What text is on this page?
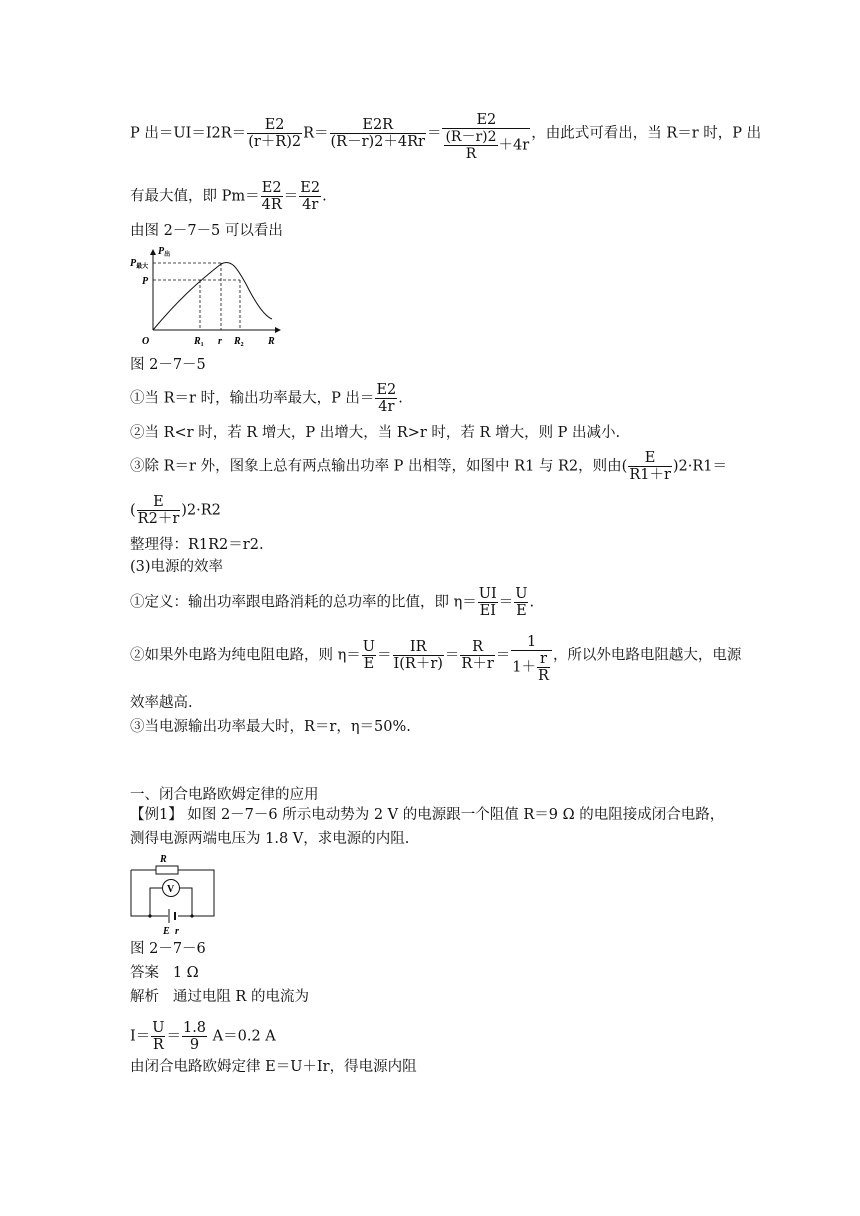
P 出$=UI=I2R= \frac{E2}{(r+R)2} R= \frac{E2R}{(R-r)2+4Rr} = \frac{E2}{\frac{(R-r)2}{R} +4r}$ ，由此式可看出，当 R＝r 时，P 出
有最大值，即 $Pm= \frac{E2}{4R} = \frac{E2}{4r}$ .
由图 2－7－5 可以看出
$P_出$
$P_{最大}$
P
O	$R_1$ r $R_2$ R
图 2－7－5
①当 R＝r 时，输出功率最大，P 出＝ $\frac{E2}{4r}$ .
②当 R<r 时，若 R 增大，P 出增大，当 R>r 时，若 R 增大，则 P 出减小.
③除 R＝r 外，图象上总有两点输出功率 P 出相等，如图中 R1 与 R2，则由( $\frac{E}{R1+r} )2\cdot R1=$
( $\frac{E}{R2+r} )2\cdot R2$
整理得：R1R2＝r2.
(3)电源的效率
①定义：输出功率跟电路消耗的总功率的比值，即 $\eta= \frac{UI}{EI} = \frac{U}{E}$ .
②如果外电路为纯电阻电路，则 $\eta= \frac{U}{E} = \frac{IR}{I(R+r)} = \frac{R}{R+r} = \frac{1}{1+ \frac{r}{R}}$ ，所以外电路电阻越大，电源
效率越高.
③当电源输出功率最大时，R＝r，η＝50%.
一、闭合电路欧姆定律的应用
【例1】 如图 2－7－6 所示电动势为 2 V 的电源跟一个阻值 R＝9 Ω 的电阻接成闭合电路，
测得电源两端电压为 1.8 V，求电源的内阻.
R
V
E r
图 2－7－6
答案 1 Ω
解析 通过电阻 R 的电流为
$I= \frac{U}{R} = \frac{1.8}{9} A=0.2$ A
由闭合电路欧姆定律 E＝U＋Ir，得电源内阻
